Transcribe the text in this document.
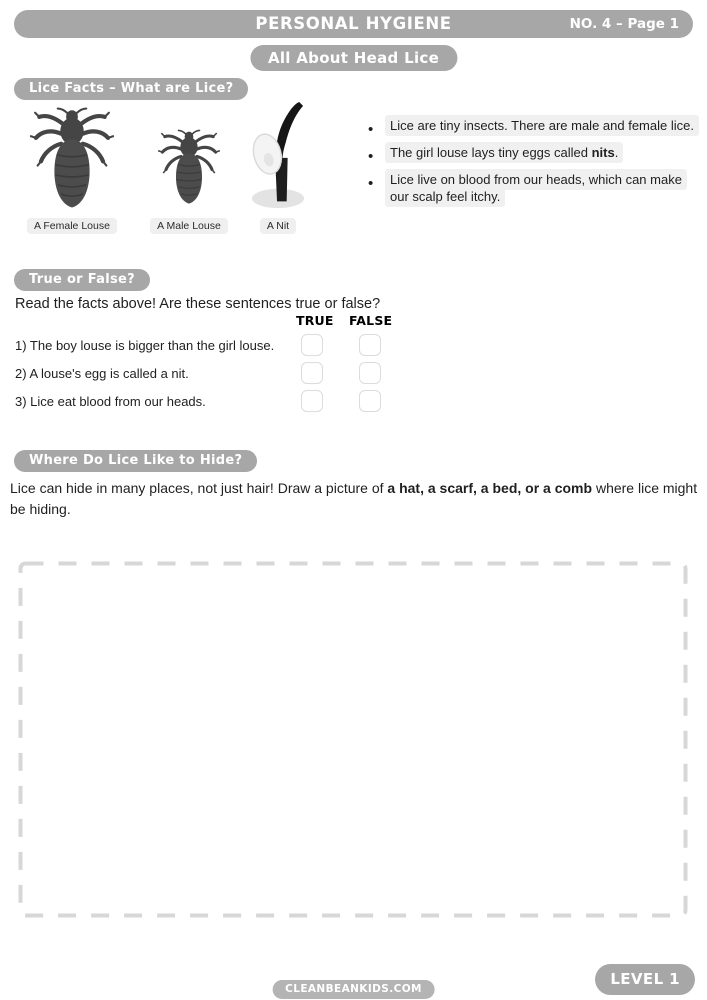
PERSONAL HYGIENE	NO. 4 – Page 1
All About Head Lice
Lice Facts – What are Lice?
A Female Louse	A Male Louse	A Nit
• Lice are tiny insects. There are male and female lice.
• The girl louse lays tiny eggs called nits.
• Lice live on blood from our heads, which can make our scalp feel itchy.
True or False?
Read the facts above! Are these sentences true or false?
TRUE FALSE
1) The boy louse is bigger than the girl louse.
2) A louse's egg is called a nit.
3) Lice eat blood from our heads.
Where Do Lice Like to Hide?
Lice can hide in many places, not just hair! Draw a picture of a hat, a scarf, a bed, or a comb where lice might be hiding.
CLEANBEANKIDS.COM
LEVEL 1
